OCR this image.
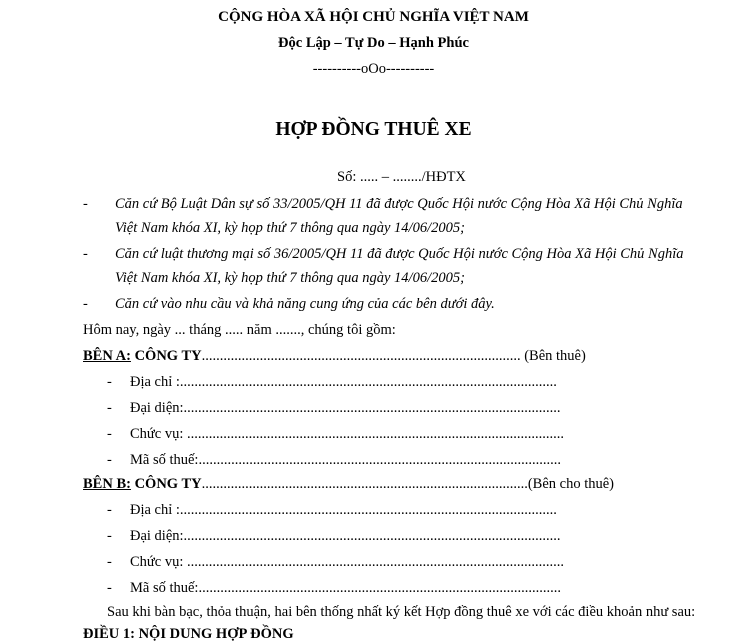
CỘNG HÒA XÃ HỘI CHỦ NGHĨA VIỆT NAM
Độc Lập – Tự Do – Hạnh Phúc
----------oOo----------
HỢP ĐỒNG THUÊ XE
Số: ..... – ......../HĐTX
- Căn cứ Bộ Luật Dân sự số 33/2005/QH 11 đã được Quốc Hội nước Cộng Hòa Xã Hội Chủ Nghĩa
Việt Nam khóa XI, kỳ họp thứ 7 thông qua ngày 14/06/2005;
- Căn cứ luật thương mại số 36/2005/QH 11 đã được Quốc Hội nước Cộng Hòa Xã Hội Chủ Nghĩa
Việt Nam khóa XI, kỳ họp thứ 7 thông qua ngày 14/06/2005;
- Căn cứ vào nhu cầu và khả năng cung ứng của các bên dưới đây.
Hôm nay, ngày ... tháng ..... năm ......., chúng tôi gồm:
BÊN A: CÔNG TY........................................................................................ (Bên thuê)
- Địa chỉ :........................................................................................................
- Đại diện:........................................................................................................
- Chức vụ: ........................................................................................................
- Mã số thuế:....................................................................................................
BÊN B: CÔNG TY..........................................................................................(Bên cho thuê)
- Địa chỉ :........................................................................................................
- Đại diện:........................................................................................................
- Chức vụ: ........................................................................................................
- Mã số thuế:....................................................................................................
Sau khi bàn bạc, thỏa thuận, hai bên thống nhất ký kết Hợp đồng thuê xe với các điều khoản như sau:
ĐIỀU 1: NỘI DUNG HỢP ĐỒNG
